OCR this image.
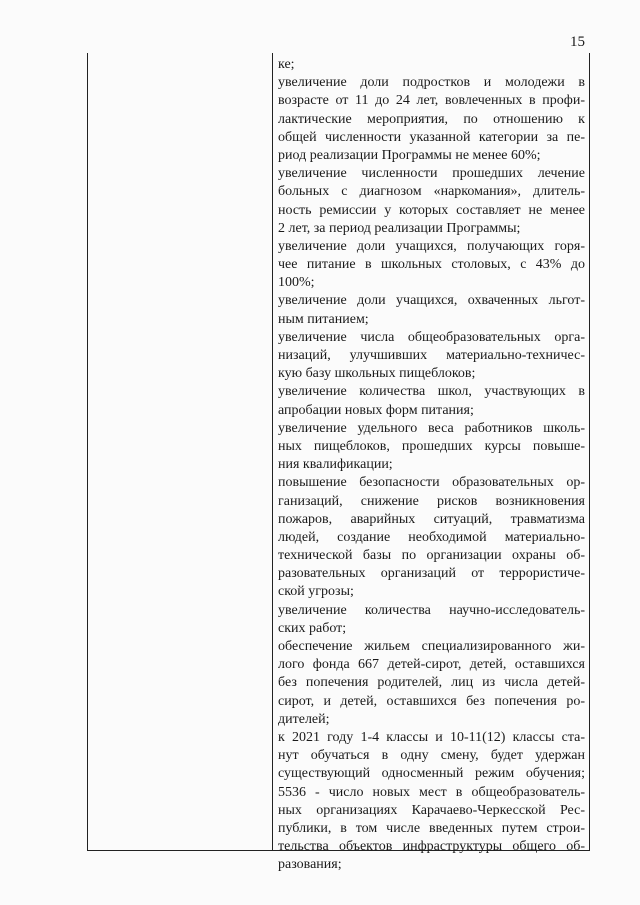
15
ке;
увеличение доли подростков и молодежи в
возрасте от 11 до 24 лет, вовлеченных в профи-
лактические мероприятия, по отношению к
общей численности указанной категории за пе-
риод реализации Программы не менее 60%;
увеличение численности прошедших лечение
больных с диагнозом «наркомания», длитель-
ность ремиссии у которых составляет не менее
2 лет, за период реализации Программы;
увеличение доли учащихся, получающих горя-
чее питание в школьных столовых, с 43% до
100%;
увеличение доли учащихся, охваченных льгот-
ным питанием;
увеличение числа общеобразовательных орга-
низаций, улучшивших материально-техничес-
кую базу школьных пищеблоков;
увеличение количества школ, участвующих в
апробации новых форм питания;
увеличение удельного веса работников школь-
ных пищеблоков, прошедших курсы повыше-
ния квалификации;
повышение безопасности образовательных ор-
ганизаций, снижение рисков возникновения
пожаров, аварийных ситуаций, травматизма
людей, создание необходимой материально-
технической базы по организации охраны об-
разовательных организаций от террористиче-
ской угрозы;
увеличение количества научно-исследователь-
ских работ;
обеспечение жильем специализированного жи-
лого фонда 667 детей-сирот, детей, оставшихся
без попечения родителей, лиц из числа детей-
сирот, и детей, оставшихся без попечения ро-
дителей;
к 2021 году 1-4 классы и 10-11(12) классы ста-
нут обучаться в одну смену, будет удержан
существующий односменный режим обучения;
5536 - число новых мест в общеобразователь-
ных организациях Карачаево-Черкесской Рес-
публики, в том числе введенных путем строи-
тельства объектов инфраструктуры общего об-
разования;
